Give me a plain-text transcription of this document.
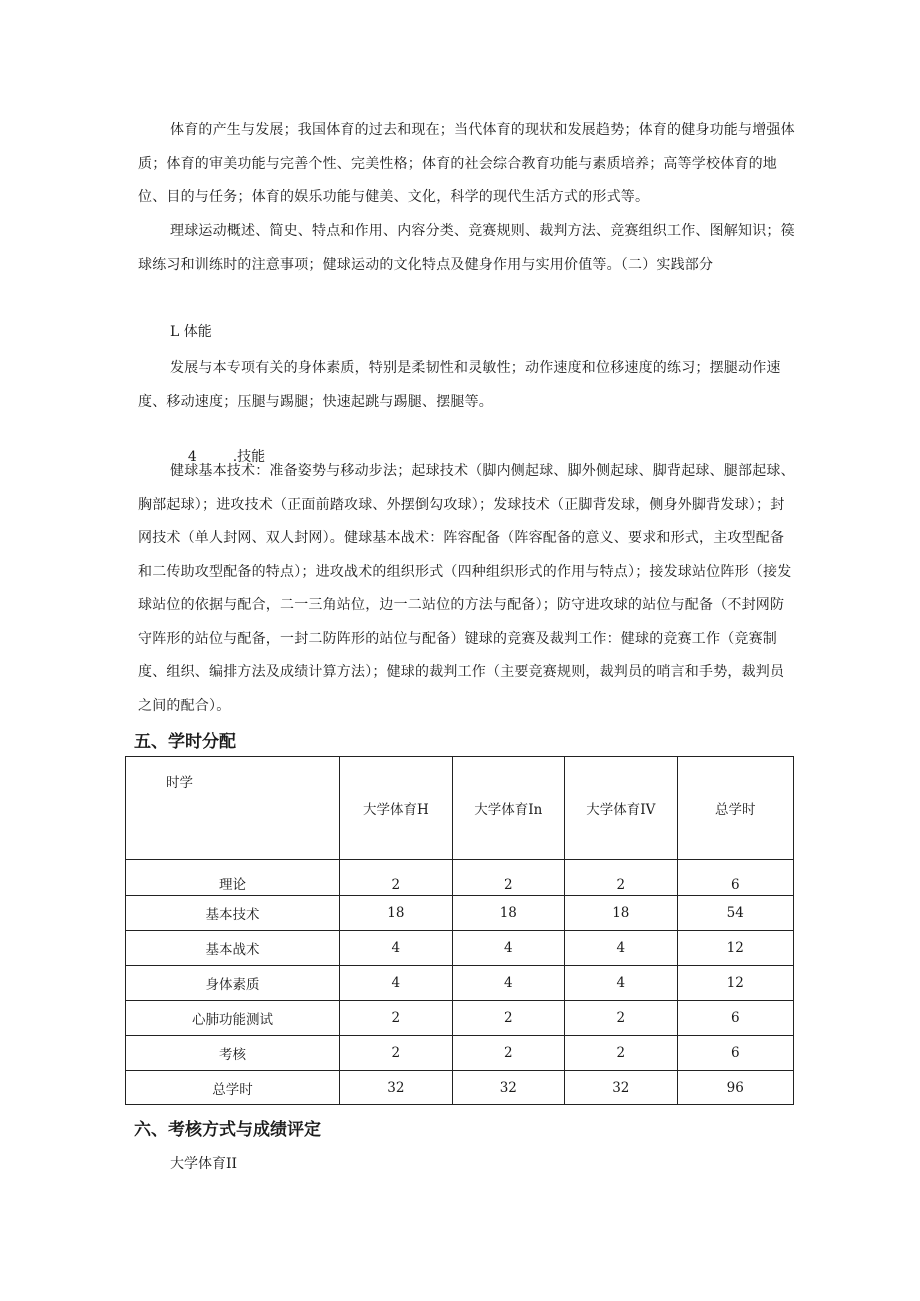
体育的产生与发展；我国体育的过去和现在；当代体育的现状和发展趋势；体育的健身功能与增强体质；体育的审美功能与完善个性、完美性格；体育的社会综合教育功能与素质培养；高等学校体育的地位、目的与任务；体育的娱乐功能与健美、文化，科学的现代生活方式的形式等。

理球运动概述、简史、特点和作用、内容分类、竞赛规则、裁判方法、竞赛组织工作、图解知识；篌球练习和训练时的注意事项；健球运动的文化特点及健身作用与实用价值等。（二）实践部分

L 体能

发展与本专项有关的身体素质，特别是柔韧性和灵敏性；动作速度和位移速度的练习；摆腿动作速度、移动速度；压腿与踢腿；快速起跳与踢腿、摆腿等。

4	.技能

健球基本技术：准备姿势与移动步法；起球技术（脚内侧起球、脚外侧起球、脚背起球、腿部起球、胸部起球）；进攻技术（正面前踏攻球、外摆倒勾攻球）；发球技术（正脚背发球，侧身外脚背发球）；封网技术（单人封网、双人封网）。健球基本战术：阵容配备（阵容配备的意义、要求和形式，主攻型配备和二传助攻型配备的特点）；进攻战术的组织形式（四种组织形式的作用与特点）；接发球站位阵形（接发球站位的依据与配合，二一三角站位，边一二站位的方法与配备）；防守进攻球的站位与配备（不封网防守阵形的站位与配备，一封二防阵形的站位与配备）键球的竞赛及裁判工作：健球的竞赛工作（竞赛制度、组织、编排方法及成绩计算方法）；健球的裁判工作（主要竞赛规则，裁判员的哨言和手势，裁判员之间的配合）。

五、学时分配
时学	大学体育H	大学体育In	大学体育IV	总学时
理论	2	2	2	6
基本技术	18	18	18	54
基本战术	4	4	4	12
身体素质	4	4	4	12
心肺功能测试	2	2	2	6
考核	2	2	2	6
总学时	32	32	32	96
六、考核方式与成绩评定

大学体育II
